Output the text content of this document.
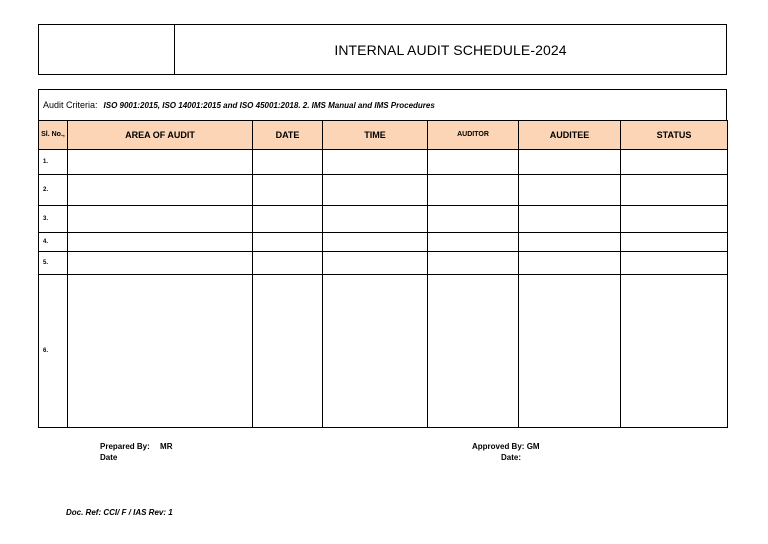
INTERNAL AUDIT SCHEDULE-2024
Audit Criteria: ISO 9001:2015, ISO 14001:2015 and ISO 45001:2018. 2. IMS Manual and IMS Procedures
Sl. No.,	AREA OF AUDIT	DATE	TIME	AUDITOR	AUDITEE	STATUS
1.						
2.						
3.						
4.						
5.						
6.						
Prepared By: MR
Date
Approved By: GM
Date:
Doc. Ref: CCI/ F / IAS Rev: 1
